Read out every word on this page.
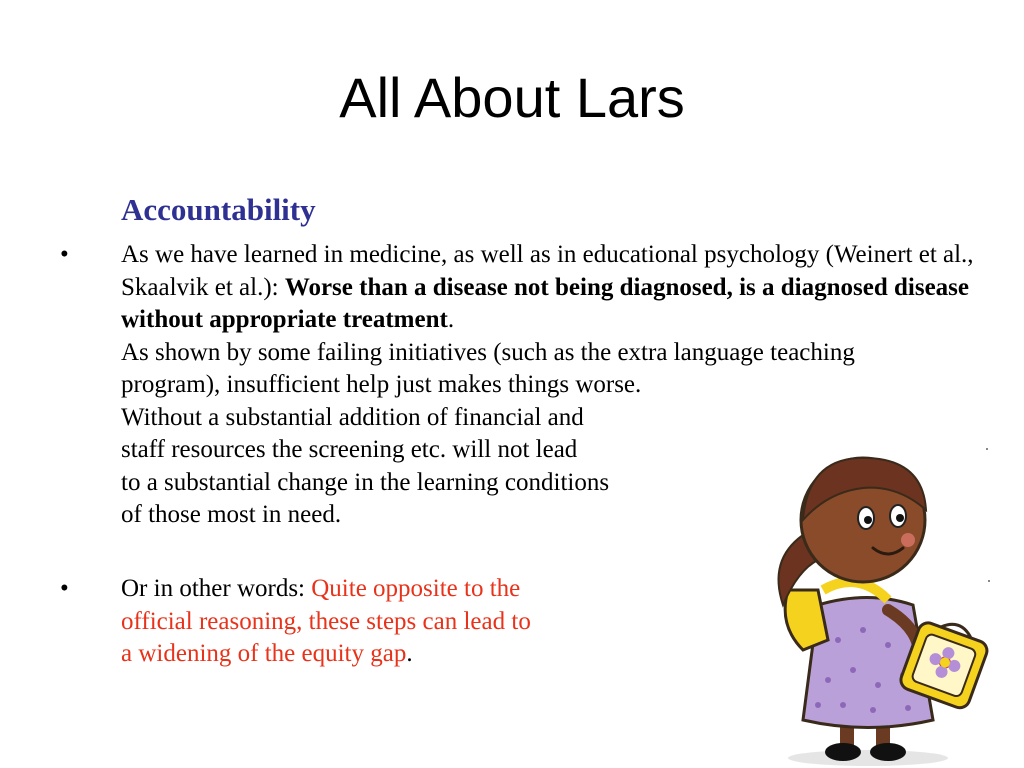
All About Lars
Accountability
•	As we have learned in medicine, as well as in educational psychology (Weinert et al., Skaalvik et al.): Worse than a disease not being diagnosed, is a diagnosed disease without appropriate treatment.
As shown by some failing initiatives (such as the extra language teaching program), insufficient help just makes things worse.
Without a substantial addition of financial and
staff resources the screening etc. will not lead
to a substantial change in the learning conditions
of those most in need.
•	Or in other words: Quite opposite to the
official reasoning, these steps can lead to
a widening of the equity gap.
